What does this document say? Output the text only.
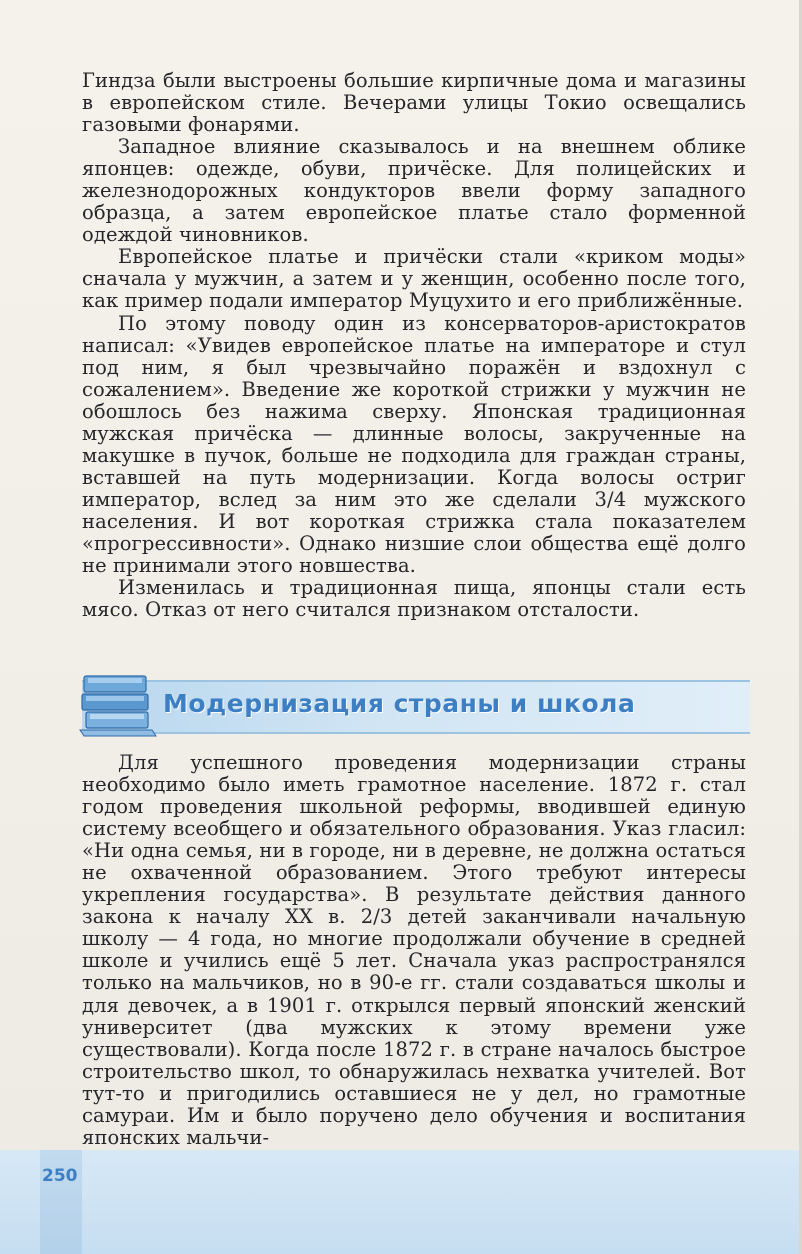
Гиндза были выстроены большие кирпичные дома и магазины в европейском стиле. Вечерами улицы Токио освещались газовыми фонарями.

Западное влияние сказывалось и на внешнем облике японцев: одежде, обуви, причёске. Для полицейских и железнодорожных кондукторов ввели форму западного образца, а затем европейское платье стало форменной одеждой чиновников.

Европейское платье и причёски стали «криком моды» сначала у мужчин, а затем и у женщин, особенно после того, как пример подали император Муцухито и его приближённые.

По этому поводу один из консерваторов-аристократов написал: «Увидев европейское платье на императоре и стул под ним, я был чрезвычайно поражён и вздохнул с сожалением». Введение же короткой стрижки у мужчин не обошлось без нажима сверху. Японская традиционная мужская причёска — длинные волосы, закрученные на макушке в пучок, больше не подходила для граждан страны, вставшей на путь модернизации. Когда волосы остриг император, вслед за ним это же сделали 3/4 мужского населения. И вот короткая стрижка стала показателем «прогрессивности». Однако низшие слои общества ещё долго не принимали этого новшества.

Изменилась и традиционная пища, японцы стали есть мясо. Отказ от него считался признаком отсталости.

Модернизация страны и школа

Для успешного проведения модернизации страны необходимо было иметь грамотное население. 1872 г. стал годом проведения школьной реформы, вводившей единую систему всеобщего и обязательного образования. Указ гласил: «Ни одна семья, ни в городе, ни в деревне, не должна остаться не охваченной образованием. Этого требуют интересы укрепления государства». В результате действия данного закона к началу XX в. 2/3 детей заканчивали начальную школу — 4 года, но многие продолжали обучение в средней школе и учились ещё 5 лет. Сначала указ распространялся только на мальчиков, но в 90-е гг. стали создаваться школы и для девочек, а в 1901 г. открылся первый японский женский университет (два мужских к этому времени уже существовали). Когда после 1872 г. в стране началось быстрое строительство школ, то обнаружилась нехватка учителей. Вот тут-то и пригодились оставшиеся не у дел, но грамотные самураи. Им и было поручено дело обучения и воспитания японских мальчи-

250
